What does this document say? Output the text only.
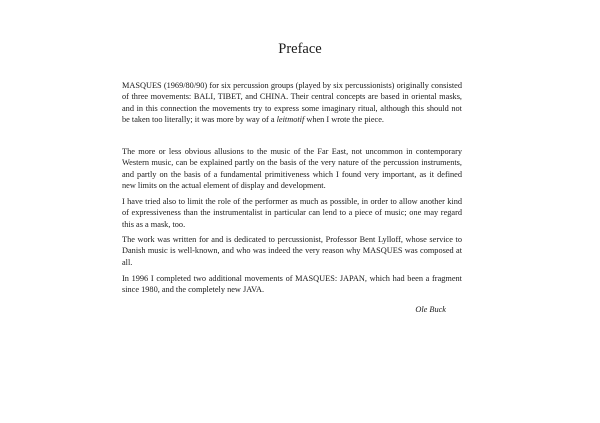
Preface

MASQUES (1969/80/90) for six percussion groups (played by six percussionists) originally consisted of three movements: BALI, TIBET, and CHINA. Their central concepts are based in oriental masks, and in this connection the movements try to express some imaginary ritual, although this should not be taken too literally; it was more by way of a leitmotif when I wrote the piece.

The more or less obvious allusions to the music of the Far East, not uncommon in contemporary Western music, can be explained partly on the basis of the very nature of the percussion instruments, and partly on the basis of a fundamental primitiveness which I found very important, as it defined new limits on the actual element of display and development.

I have tried also to limit the role of the performer as much as possible, in order to allow another kind of expressiveness than the instrumentalist in particular can lend to a piece of music; one may regard this as a mask, too.

The work was written for and is dedicated to percussionist, Professor Bent Lylloff, whose service to Danish music is well-known, and who was indeed the very reason why MASQUES was composed at all.

In 1996 I completed two additional movements of MASQUES: JAPAN, which had been a fragment since 1980, and the completely new JAVA.

Ole Buck
